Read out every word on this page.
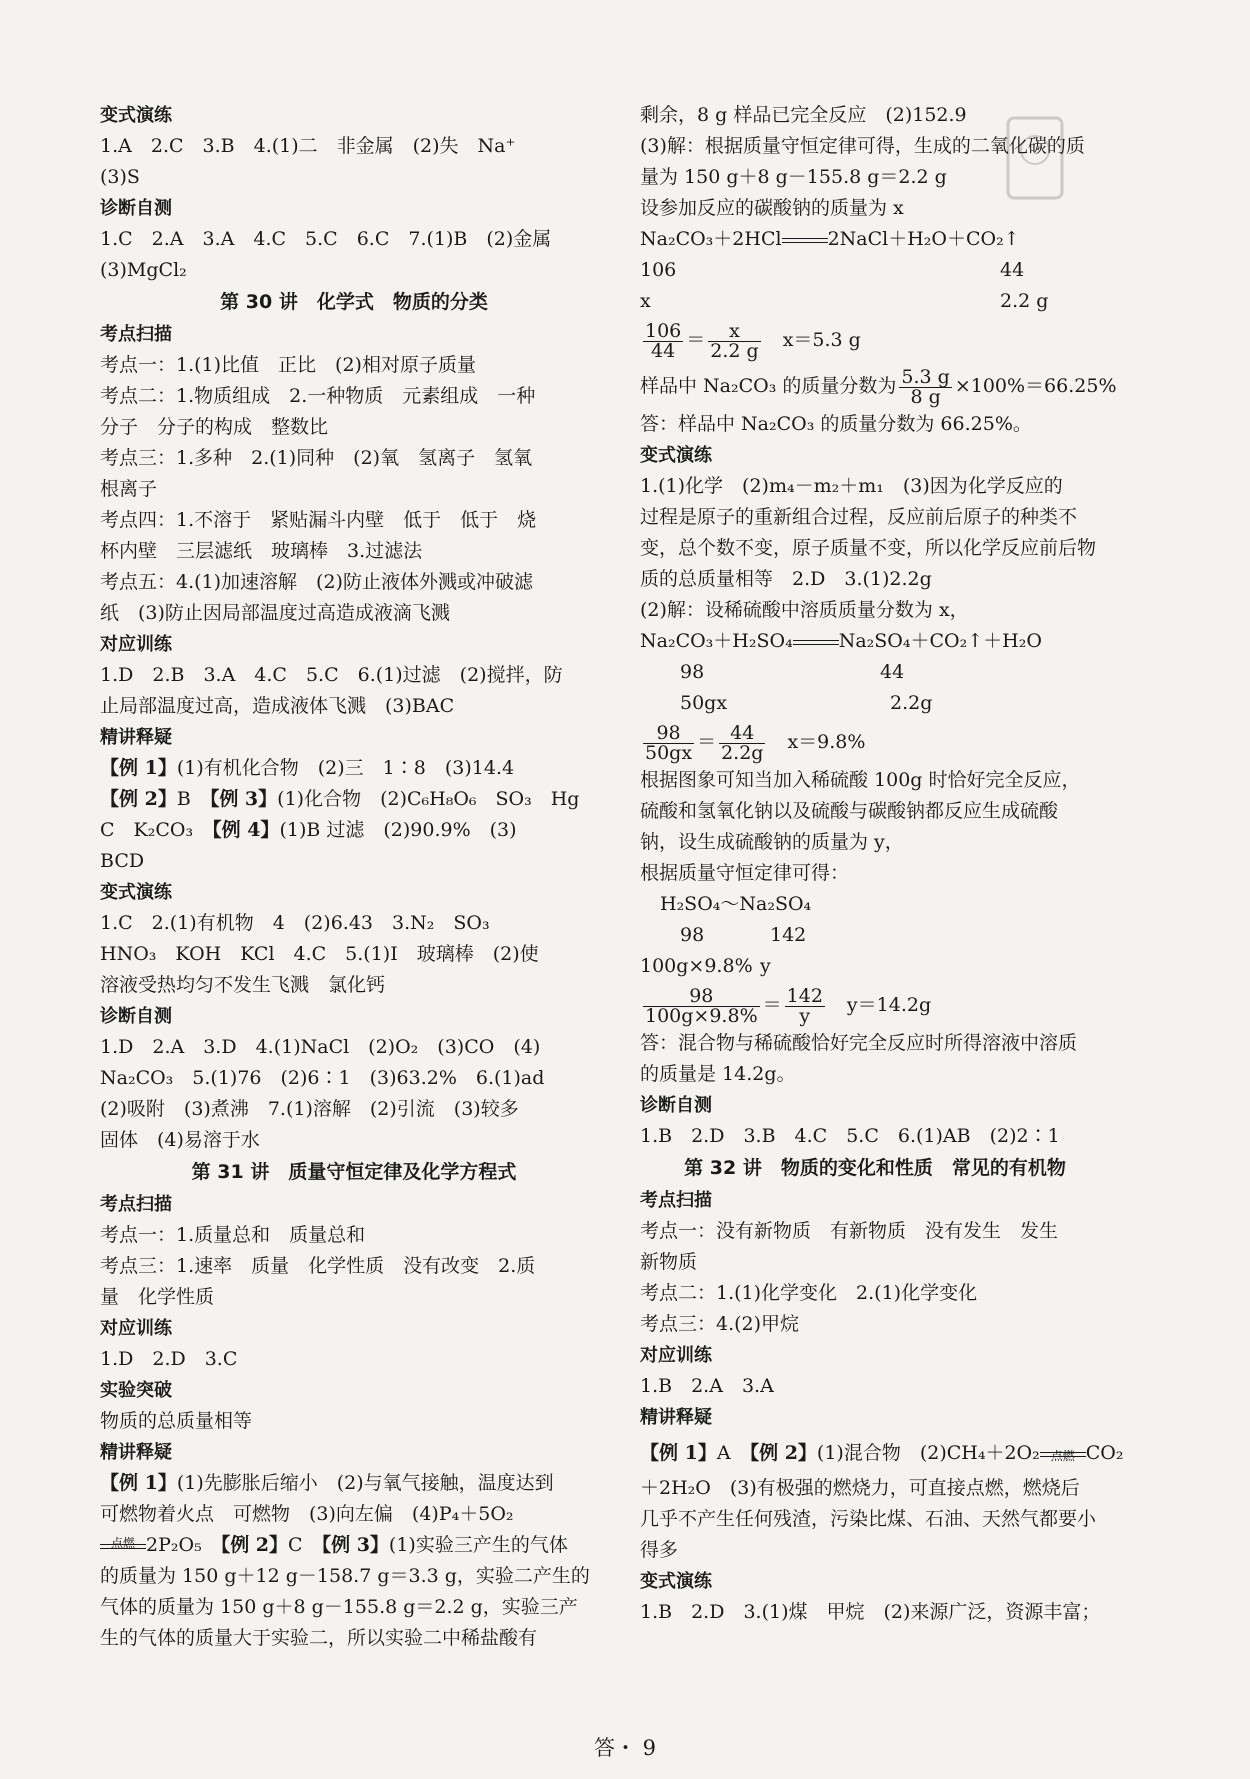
变式演练
1.A　2.C　3.B　4.(1)二　非金属　(2)失　Na⁺
(3)S
诊断自测
1.C　2.A　3.A　4.C　5.C　6.C　7.(1)B　(2)金属
(3)MgCl₂
第 30 讲　化学式　物质的分类
考点扫描
考点一：1.(1)比值　正比　(2)相对原子质量
考点二：1.物质组成　2.一种物质　元素组成　一种
分子　分子的构成　整数比
考点三：1.多种　2.(1)同种　(2)氧　氢离子　氢氧
根离子
考点四：1.不溶于　紧贴漏斗内壁　低于　低于　烧
杯内壁　三层滤纸　玻璃棒　3.过滤法
考点五：4.(1)加速溶解　(2)防止液体外溅或冲破滤
纸　(3)防止因局部温度过高造成液滴飞溅
对应训练
1.D　2.B　3.A　4.C　5.C　6.(1)过滤　(2)搅拌，防
止局部温度过高，造成液体飞溅　(3)BAC
精讲释疑
【例 1】(1)有机化合物　(2)三　1∶8　(3)14.4
【例 2】B　【例 3】(1)化合物　(2)C₆H₈O₆　SO₃　Hg
C　K₂CO₃　【例 4】(1)B 过滤　(2)90.9%　(3)
BCD
变式演练
1.C　2.(1)有机物　4　(2)6.43　3.N₂　SO₃
HNO₃　KOH　KCl　4.C　5.(1)I　玻璃棒　(2)使
溶液受热均匀不发生飞溅　氯化钙
诊断自测
1.D　2.A　3.D　4.(1)NaCl　(2)O₂　(3)CO　(4)
Na₂CO₃　5.(1)76　(2)6∶1　(3)63.2%　6.(1)ad
(2)吸附　(3)煮沸　7.(1)溶解　(2)引流　(3)较多
固体　(4)易溶于水
第 31 讲　质量守恒定律及化学方程式
考点扫描
考点一：1.质量总和　质量总和
考点三：1.速率　质量　化学性质　没有改变　2.质
量　化学性质
对应训练
1.D　2.D　3.C
实验突破
物质的总质量相等
精讲释疑
【例 1】(1)先膨胀后缩小　(2)与氧气接触，温度达到
可燃物着火点　可燃物　(3)向左偏　(4)P₄＋5O₂
点燃 2P₂O₅　【例 2】C　【例 3】(1)实验三产生的气体
的质量为 150 g＋12 g－158.7 g＝3.3 g，实验二产生的
气体的质量为 150 g＋8 g－155.8 g＝2.2 g，实验三产
生的气体的质量大于实验二，所以实验二中稀盐酸有
剩余，8 g 样品已完全反应　(2)152.9
(3)解：根据质量守恒定律可得，生成的二氧化碳的质
量为 150 g＋8 g－155.8 g＝2.2 g
设参加反应的碳酸钠的质量为 x
Na₂CO₃＋2HCl 2NaCl＋H₂O＋CO₂↑
106	44
x	2.2 g
$\frac{106}{44} = \frac{x}{2.2 g}$ 　x＝5.3 g
样品中 Na₂CO₃ 的质量分数为 $\frac{5.3 g}{8 g} \times 100\%=66.25\%$
答：样品中 Na₂CO₃ 的质量分数为 66.25%。
变式演练
1.(1)化学　(2)m₄－m₂＋m₁　(3)因为化学反应的
过程是原子的重新组合过程，反应前后原子的种类不
变，总个数不变，原子质量不变，所以化学反应前后物
质的总质量相等　2.D　3.(1)2.2g
(2)解：设稀硫酸中溶质质量分数为 x，
Na₂CO₃＋H₂SO₄ Na₂SO₄＋CO₂↑＋H₂O
98	44
50gx	2.2g
$\frac{98}{50gx} = \frac{44}{2.2g}$ 　x＝9.8%
根据图象可知当加入稀硫酸 100g 时恰好完全反应，
硫酸和氢氧化钠以及硫酸与碳酸钠都反应生成硫酸
钠，设生成硫酸钠的质量为 y，
根据质量守恒定律可得：
H₂SO₄～Na₂SO₄
98	142
100g×9.8% y
$\frac{98}{100g\times 9.8\%} = \frac{142}{y}$ 　y＝14.2g
答：混合物与稀硫酸恰好完全反应时所得溶液中溶质
的质量是 14.2g。
诊断自测
1.B　2.D　3.B　4.C　5.C　6.(1)AB　(2)2∶1
第 32 讲　物质的变化和性质　常见的有机物
考点扫描
考点一：没有新物质　有新物质　没有发生　发生
新物质
考点二：1.(1)化学变化　2.(1)化学变化
考点三：4.(2)甲烷
对应训练
1.B　2.A　3.A
精讲释疑
【例 1】A　【例 2】(1)混合物　(2)CH₄＋2O₂ 点燃 CO₂
＋2H₂O　(3)有极强的燃烧力，可直接点燃，燃烧后
几乎不产生任何残渣，污染比煤、石油、天然气都要小
得多
变式演练
1.B　2.D　3.(1)煤　甲烷　(2)来源广泛，资源丰富；
答・ 9
